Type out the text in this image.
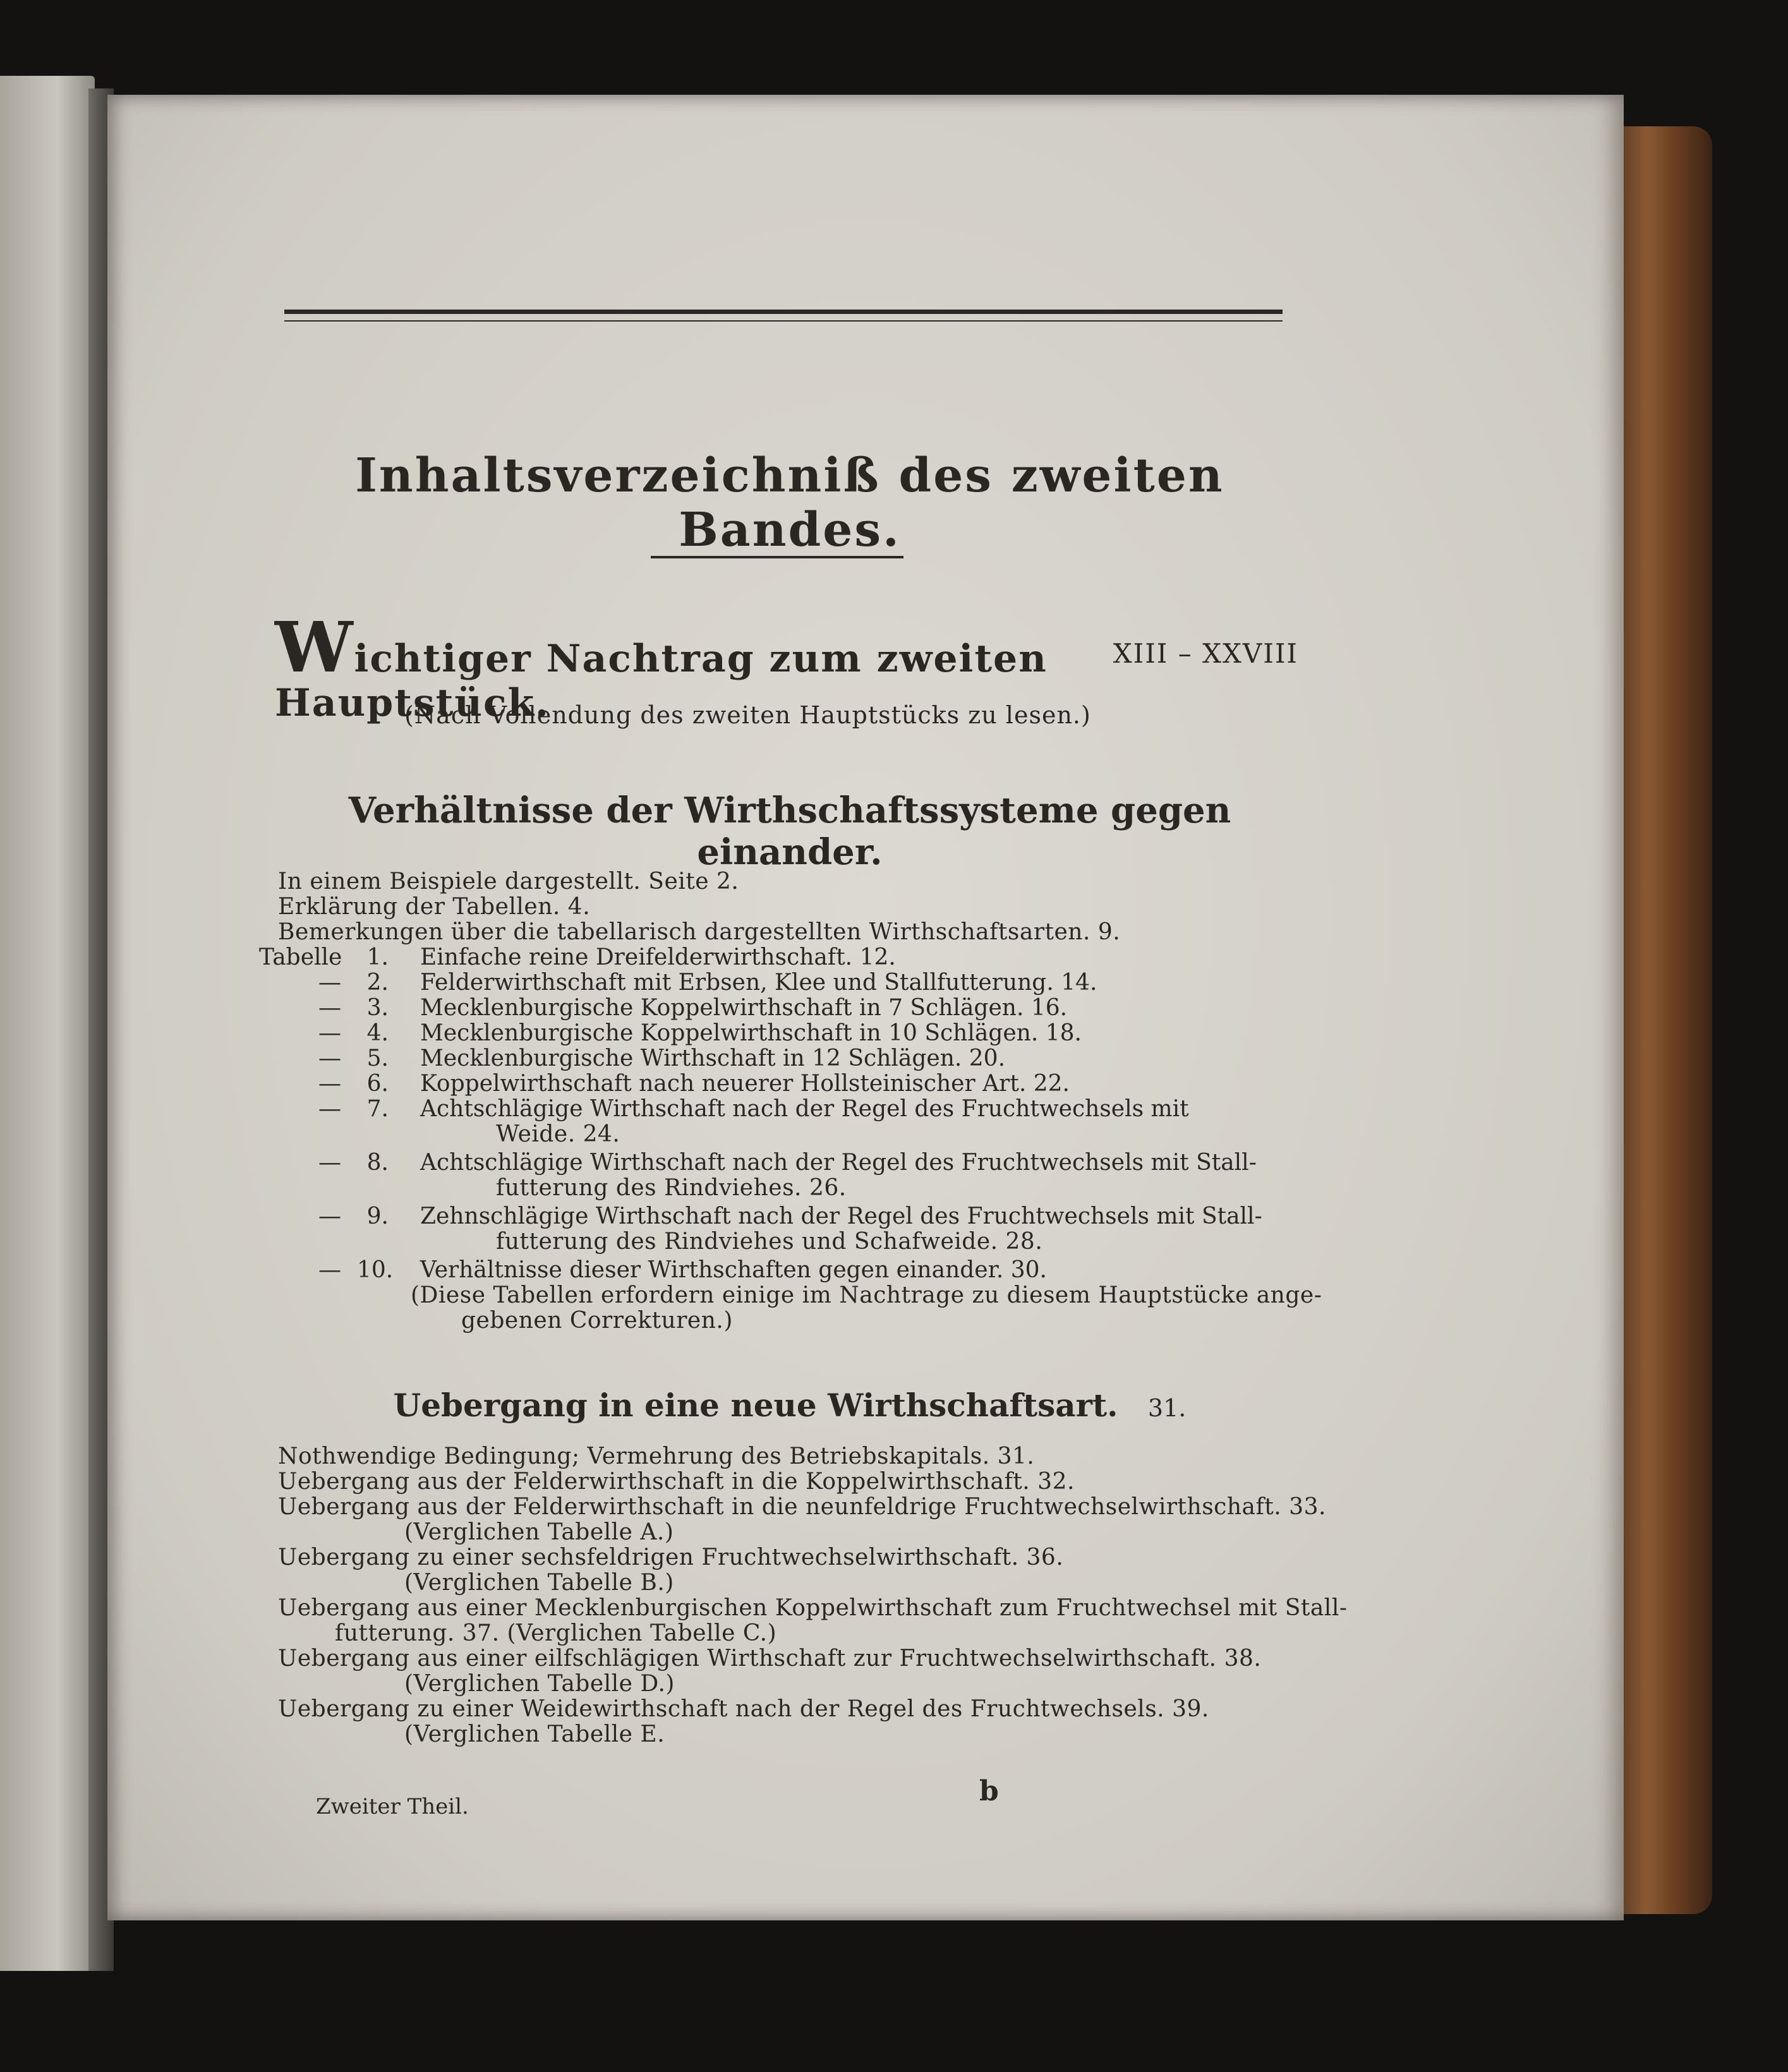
Inhaltsverzeichniß des zweiten Bandes.
Wichtiger Nachtrag zum zweiten Hauptstück.
XIII – XXVIII
(Nach Vollendung des zweiten Hauptstücks zu lesen.)
Verhältnisse der Wirthschaftssysteme gegen einander.
In einem Beispiele dargestellt. Seite 2.
Erklärung der Tabellen. 4.
Bemerkungen über die tabellarisch dargestellten Wirthschaftsarten. 9.
Tabelle	1. Einfache reine Dreifelderwirthschaft. 12.
—	2. Felderwirthschaft mit Erbsen, Klee und Stallfutterung. 14.
—	3. Mecklenburgische Koppelwirthschaft in 7 Schlägen. 16.
—	4. Mecklenburgische Koppelwirthschaft in 10 Schlägen. 18.
—	5. Mecklenburgische Wirthschaft in 12 Schlägen. 20.
—	6. Koppelwirthschaft nach neuerer Hollsteinischer Art. 22.
—	7. Achtschlägige Wirthschaft nach der Regel des Fruchtwechsels mit
Weide. 24.
—	8. Achtschlägige Wirthschaft nach der Regel des Fruchtwechsels mit Stall-
futterung des Rindviehes. 26.
—	9. Zehnschlägige Wirthschaft nach der Regel des Fruchtwechsels mit Stall-
futterung des Rindviehes und Schafweide. 28.
— 10. Verhältnisse dieser Wirthschaften gegen einander. 30.
(Diese Tabellen erfordern einige im Nachtrage zu diesem Hauptstücke ange-
gebenen Correkturen.)
Uebergang in eine neue Wirthschaftsart. 31.
Nothwendige Bedingung; Vermehrung des Betriebskapitals. 31.
Uebergang aus der Felderwirthschaft in die Koppelwirthschaft. 32.
Uebergang aus der Felderwirthschaft in die neunfeldrige Fruchtwechselwirthschaft. 33.
(Verglichen Tabelle A.)
Uebergang zu einer sechsfeldrigen Fruchtwechselwirthschaft. 36.
(Verglichen Tabelle B.)
Uebergang aus einer Mecklenburgischen Koppelwirthschaft zum Fruchtwechsel mit Stall-
futterung. 37. (Verglichen Tabelle C.)
Uebergang aus einer eilfschlägigen Wirthschaft zur Fruchtwechselwirthschaft. 38.
(Verglichen Tabelle D.)
Uebergang zu einer Weidewirthschaft nach der Regel des Fruchtwechsels. 39.
(Verglichen Tabelle E.
Zweiter Theil.	b
